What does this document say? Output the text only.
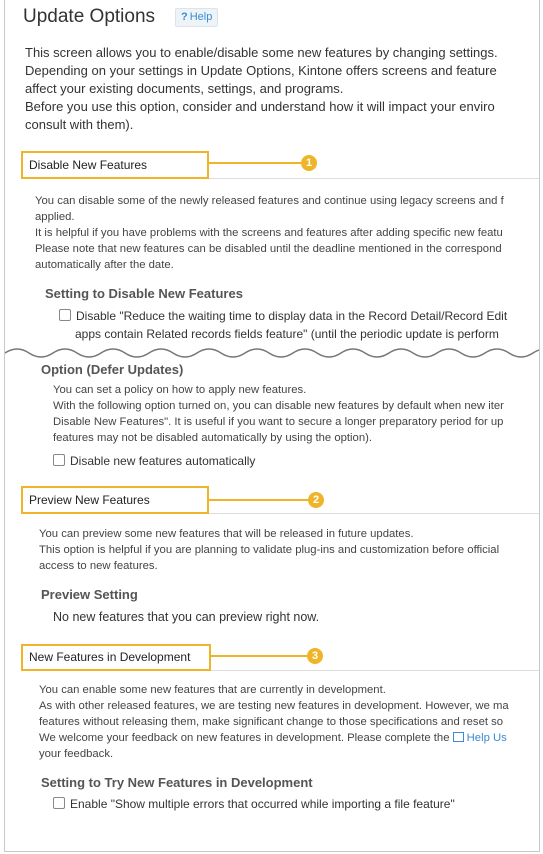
Update Options	? Help
This screen allows you to enable/disable some new features by changing settings.
Depending on your settings in Update Options, Kintone offers screens and feature
affect your existing documents, settings, and programs.
Before you use this option, consider and understand how it will impact your enviro
consult with them).
Disable New Features	1
You can disable some of the newly released features and continue using legacy screens and f
applied.
It is helpful if you have problems with the screens and features after adding specific new featu
Please note that new features can be disabled until the deadline mentioned in the correspond
automatically after the date.
Setting to Disable New Features
Disable "Reduce the waiting time to display data in the Record Detail/Record Edit
apps contain Related records fields feature" (until the periodic update is perform
Option (Defer Updates)
You can set a policy on how to apply new features.
With the following option turned on, you can disable new features by default when new iter
Disable New Features". It is useful if you want to secure a longer preparatory period for up
features may not be disabled automatically by using the option).
Disable new features automatically
Preview New Features	2
You can preview some new features that will be released in future updates.
This option is helpful if you are planning to validate plug-ins and customization before official
access to new features.
Preview Setting
No new features that you can preview right now.
New Features in Development	3
You can enable some new features that are currently in development.
As with other released features, we are testing new features in development. However, we ma
features without releasing them, make significant change to those specifications and reset so
We welcome your feedback on new features in development. Please complete the Help Us
your feedback.
Setting to Try New Features in Development
Enable "Show multiple errors that occurred while importing a file feature"
